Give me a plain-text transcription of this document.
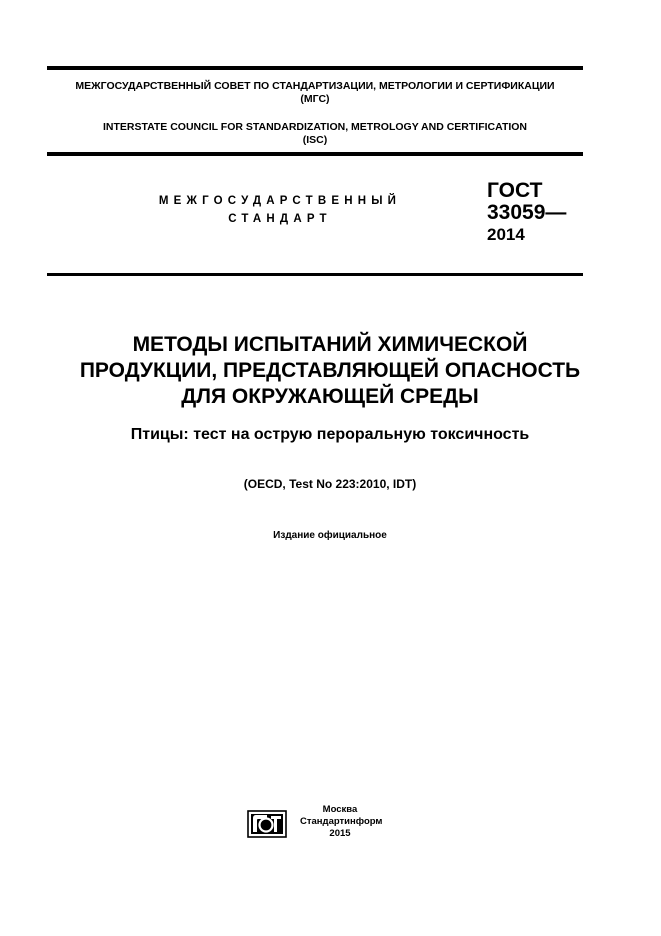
МЕЖГОСУДАРСТВЕННЫЙ СОВЕТ ПО СТАНДАРТИЗАЦИИ, МЕТРОЛОГИИ И СЕРТИФИКАЦИИ
(МГС)
INTERSTATE COUNCIL FOR STANDARDIZATION, METROLOGY AND CERTIFICATION
(ISC)
МЕЖГОСУДАРСТВЕННЫЙ
СТАНДАРТ
ГОСТ
33059—
2014
МЕТОДЫ ИСПЫТАНИЙ ХИМИЧЕСКОЙ
ПРОДУКЦИИ, ПРЕДСТАВЛЯЮЩЕЙ ОПАСНОСТЬ
ДЛЯ ОКРУЖАЮЩЕЙ СРЕДЫ
Птицы: тест на острую пероральную токсичность
(OECD, Test No 223:2010, IDT)
Издание официальное
Москва
Стандартинформ
2015
